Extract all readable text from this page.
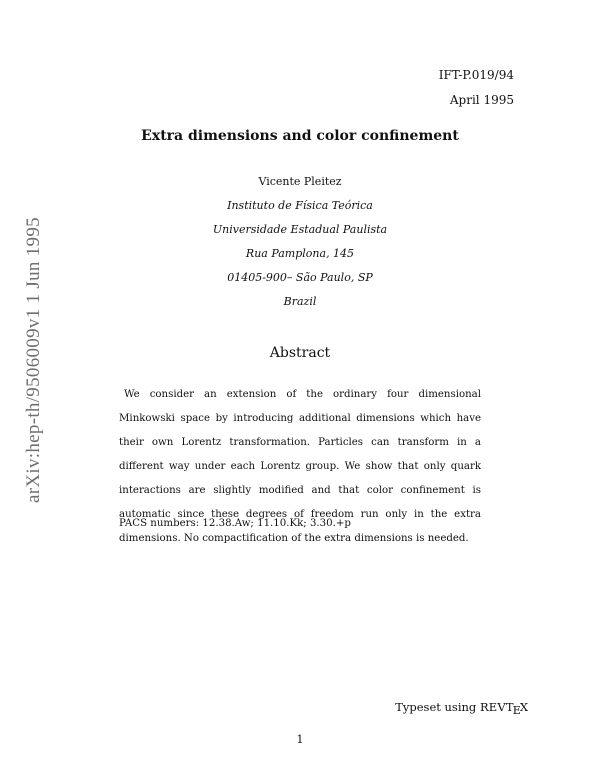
IFT-P.019/94
April 1995
Extra dimensions and color confinement
Vicente Pleitez
Instituto de Física Teórica
Universidade Estadual Paulista
Rua Pamplona, 145
01405-900– São Paulo, SP
Brazil
Abstract

We consider an extension of the ordinary four dimensional Minkowski space by introducing additional dimensions which have their own Lorentz transformation. Particles can transform in a different way under each Lorentz group. We show that only quark interactions are slightly modified and that color confinement is automatic since these degrees of freedom run only in the extra dimensions. No compactification of the extra dimensions is needed.

PACS numbers: 12.38.Aw; 11.10.Kk; 3.30.+p
arXiv:hep-th/9506009v1 1 Jun 1995
Typeset using REVTEX
1
